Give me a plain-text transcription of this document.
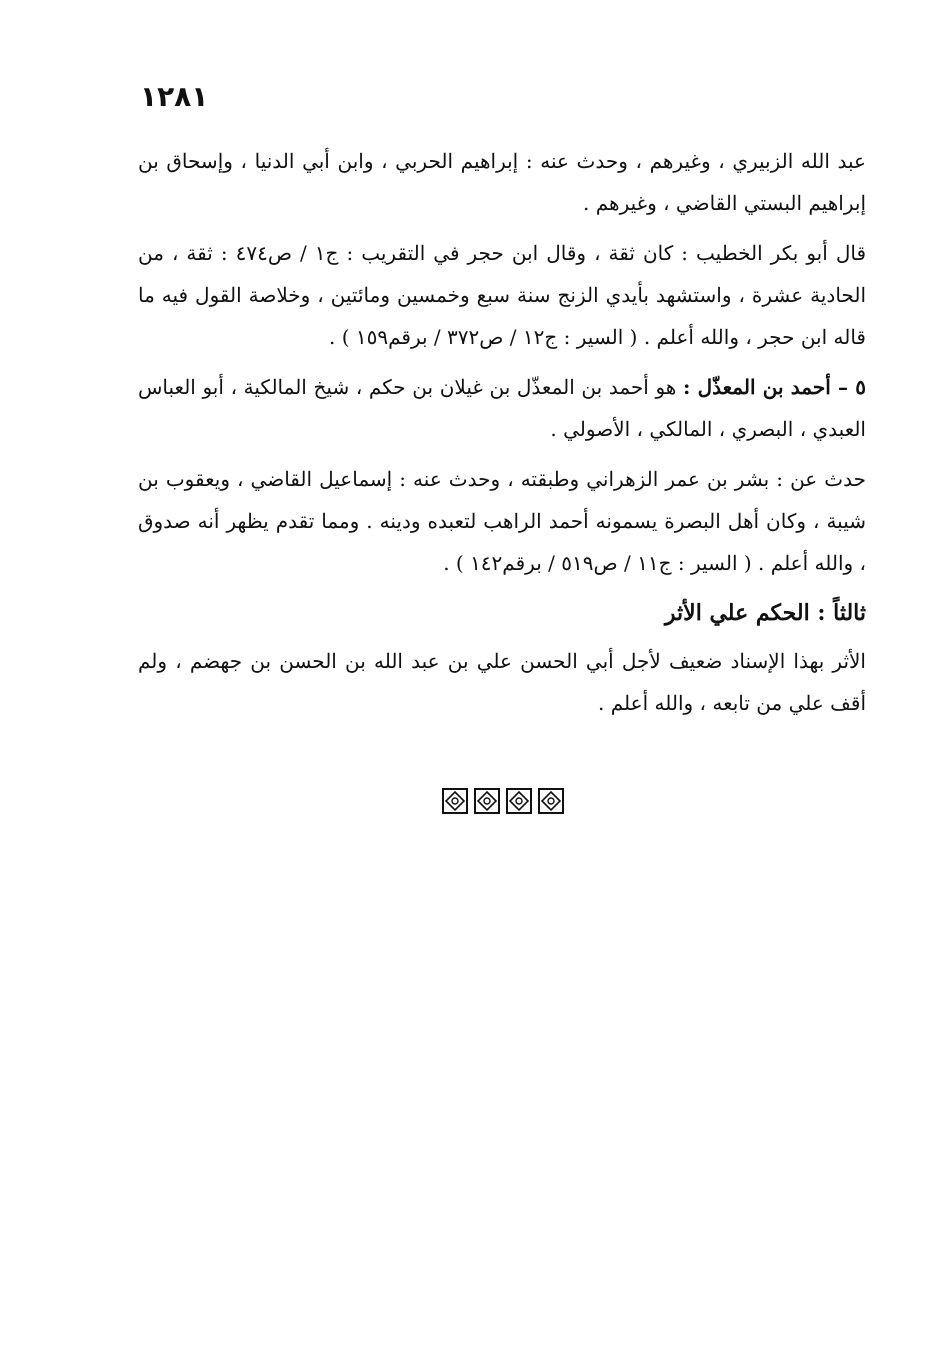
١٢٨١

عبد الله الزبيري ، وغيرهم ، وحدث عنه : إبراهيم الحربي ، وابن أبي الدنيا ، وإسحاق بن إبراهيم البستي القاضي ، وغيرهم .

قال أبو بكر الخطيب : كان ثقة ، وقال ابن حجر في التقريب : ج١ / ص٤٧٤ : ثقة ، من الحادية عشرة ، واستشهد بأيدي الزنج سنة سبع وخمسين ومائتين ، وخلاصة القول فيه ما قاله ابن حجر ، والله أعلم . ( السير : ج١٢ / ص٣٧٢ / برقم١٥٩ ) .

٥ – أحمد بن المعذّل : هو أحمد بن المعذّل بن غيلان بن حكم ، شيخ المالكية ، أبو العباس العبدي ، البصري ، المالكي ، الأصولي .

حدث عن : بشر بن عمر الزهراني وطبقته ، وحدث عنه : إسماعيل القاضي ، ويعقوب بن شيبة ، وكان أهل البصرة يسمونه أحمد الراهب لتعبده ودينه . ومما تقدم يظهر أنه صدوق ، والله أعلم . ( السير : ج١١ / ص٥١٩ / برقم١٤٢ ) .

ثالثاً : الحكم علي الأثر

الأثر بهذا الإسناد ضعيف لأجل أبي الحسن علي بن عبد الله بن الحسن بن جهضم ، ولم أقف علي من تابعه ، والله أعلم .
